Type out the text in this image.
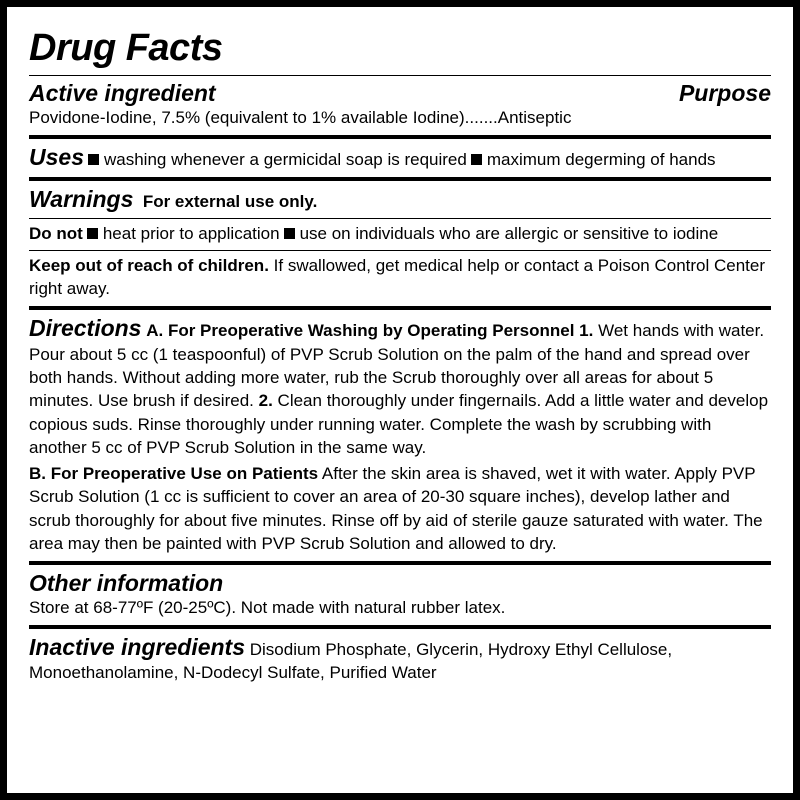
Drug Facts
Active ingredient	Purpose
Povidone-Iodine, 7.5% (equivalent to 1% available Iodine).......Antiseptic
Uses washing whenever a germicidal soap is required maximum degerming of hands
Warnings For external use only.
Do not heat prior to application use on individuals who are allergic or sensitive to iodine
Keep out of reach of children. If swallowed, get medical help or contact a Poison Control Center right away.
Directions A. For Preoperative Washing by Operating Personnel 1. Wet hands with water. Pour about 5 cc (1 teaspoonful) of PVP Scrub Solution on the palm of the hand and spread over both hands. Without adding more water, rub the Scrub thoroughly over all areas for about 5 minutes. Use brush if desired. 2. Clean thoroughly under fingernails. Add a little water and develop copious suds. Rinse thoroughly under running water. Complete the wash by scrubbing with another 5 cc of PVP Scrub Solution in the same way.
B. For Preoperative Use on Patients After the skin area is shaved, wet it with water. Apply PVP Scrub Solution (1 cc is sufficient to cover an area of 20-30 square inches), develop lather and scrub thoroughly for about five minutes. Rinse off by aid of sterile gauze saturated with water. The area may then be painted with PVP Scrub Solution and allowed to dry.
Other information
Store at 68-77ºF (20-25ºC). Not made with natural rubber latex.
Inactive ingredients Disodium Phosphate, Glycerin, Hydroxy Ethyl Cellulose, Monoethanolamine, N-Dodecyl Sulfate, Purified Water
